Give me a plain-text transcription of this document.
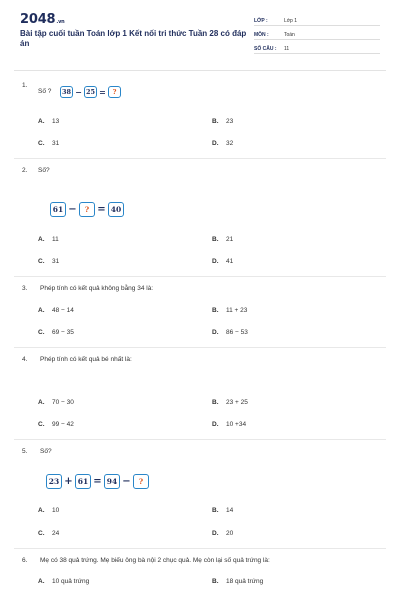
2048.vn
Bài tập cuối tuần Toán lớp 1 Kết nối tri thức Tuần 28 có đáp án
LỚP :	Lớp 1
MÔN :	Toán
SỐ CÂU : 11
1.
Số ?	38 − 25 =	?
A. 13	B. 23
C. 31	D. 32
2. Số?
61 −	? = 40
A. 11	B. 21
C. 31	D. 41
3. Phép tính có kết quả không bằng 34 là:
A. 48 − 14	B. 11 + 23
C. 69 − 35	D. 86 − 53
4. Phép tính có kết quả bé nhất là:
A. 70 − 30	B. 23 + 25
C. 99 − 42	D. 10 +34
5. Số?
23 + 61 = 94 −	?
A. 10	B. 14
C. 24	D. 20
6. Mẹ có 38 quả trứng. Mẹ biếu ông bà nội 2 chục quả. Mẹ còn lại số quả trứng là:
A. 10 quả trứng	B. 18 quả trứng
